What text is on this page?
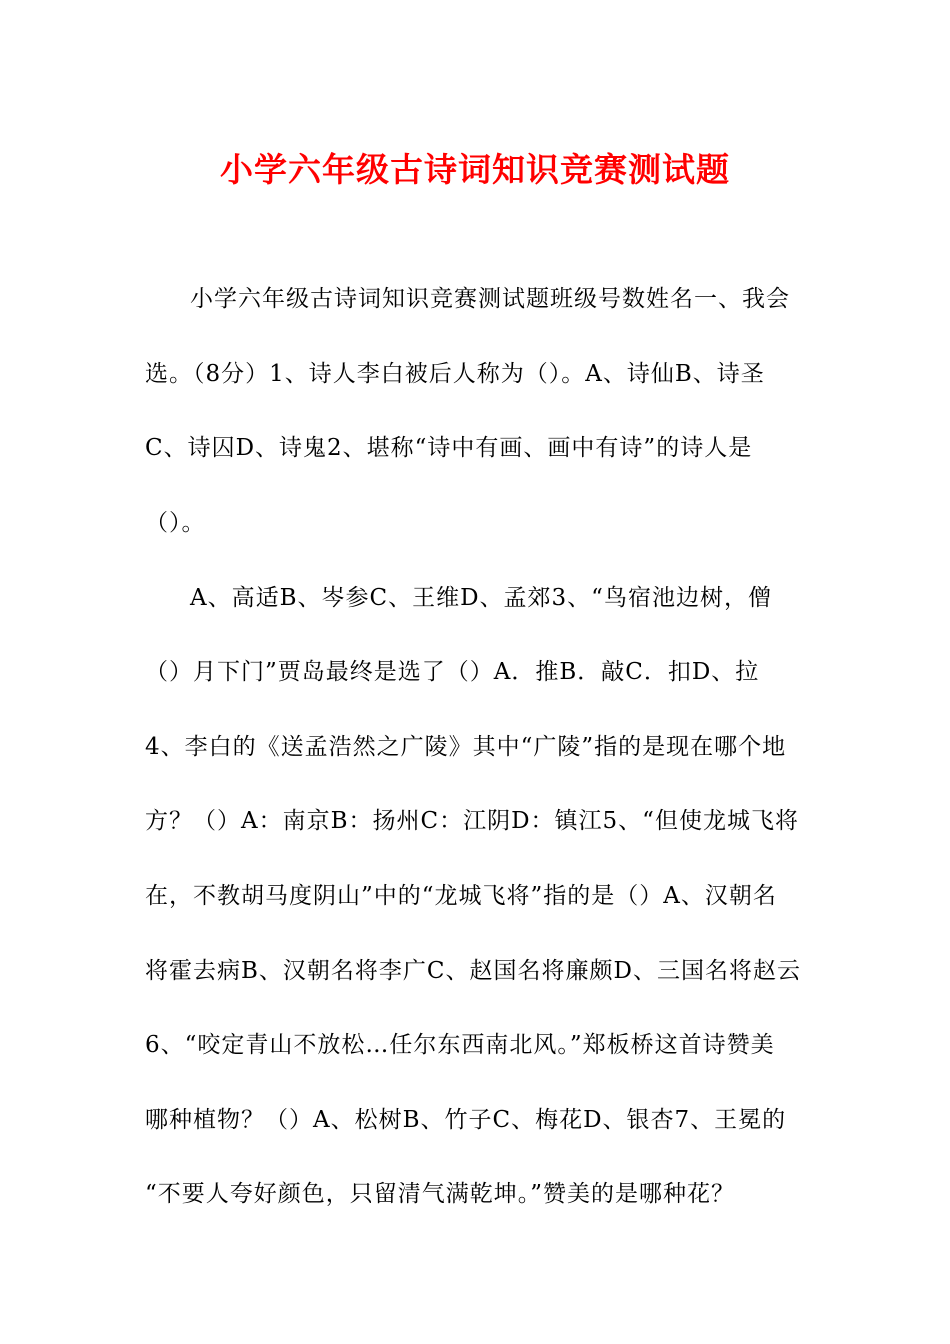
小学六年级古诗词知识竞赛测试题
小学六年级古诗词知识竞赛测试题班级号数姓名一、我会
选。（8分）1、诗人李白被后人称为（）。A、诗仙B、诗圣
C、诗囚D、诗鬼2、堪称“诗中有画、画中有诗”的诗人是
（）。
A、高适B、岑参C、王维D、孟郊3、“鸟宿池边树，僧
（）月下门”贾岛最终是选了（）A．推B．敲C．扣D、拉
4、李白的《送孟浩然之广陵》其中“广陵”指的是现在哪个地
方？（）A：南京B：扬州C：江阴D：镇江5、“但使龙城飞将
在，不教胡马度阴山”中的“龙城飞将”指的是（）A、汉朝名
将霍去病B、汉朝名将李广C、赵国名将廉颇D、三国名将赵云
6、“咬定青山不放松…任尔东西南北风。”郑板桥这首诗赞美
哪种植物？（）A、松树B、竹子C、梅花D、银杏7、王冕的
“不要人夸好颜色，只留清气满乾坤。”赞美的是哪种花？
